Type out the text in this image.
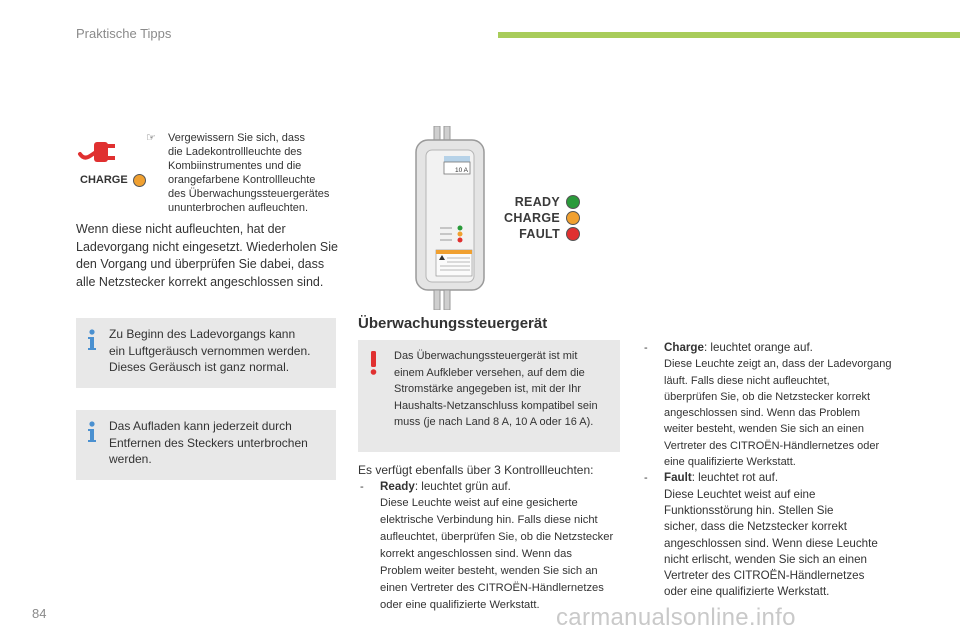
Praktische Tipps
CHARGE
☞	Vergewissern Sie sich, dass
die Ladekontrollleuchte des
Kombiinstrumentes und die
orangefarbene Kontrollleuchte
des Überwachungssteuergerätes
ununterbrochen aufleuchten.
Wenn diese nicht aufleuchten, hat der
Ladevorgang nicht eingesetzt. Wiederholen Sie
den Vorgang und überprüfen Sie dabei, dass
alle Netzstecker korrekt angeschlossen sind.
Zu Beginn des Ladevorgangs kann
ein Luftgeräusch vernommen werden.
Dieses Geräusch ist ganz normal.
Das Aufladen kann jederzeit durch
Entfernen des Steckers unterbrochen
werden.
10 A
READY
CHARGE
FAULT
Überwachungssteuergerät
Das Überwachungssteuergerät ist mit
einem Aufkleber versehen, auf dem die
Stromstärke angegeben ist, mit der Ihr
Haushalts-Netzanschluss kompatibel sein
muss (je nach Land 8 A, 10 A oder 16 A).
Es verfügt ebenfalls über 3 Kontrollleuchten:
- Ready: leuchtet grün auf.
Diese Leuchte weist auf eine gesicherte
elektrische Verbindung hin. Falls diese nicht
aufleuchtet, überprüfen Sie, ob die Netzstecker
korrekt angeschlossen sind. Wenn das
Problem weiter besteht, wenden Sie sich an
einen Vertreter des CITROËN-Händlernetzes
oder eine qualifizierte Werkstatt.
- Charge: leuchtet orange auf.
Diese Leuchte zeigt an, dass der Ladevorgang
läuft. Falls diese nicht aufleuchtet,
überprüfen Sie, ob die Netzstecker korrekt
angeschlossen sind. Wenn das Problem
weiter besteht, wenden Sie sich an einen
Vertreter des CITROËN-Händlernetzes oder
eine qualifizierte Werkstatt.
- Fault: leuchtet rot auf.
Diese Leuchtet weist auf eine
Funktionsstörung hin. Stellen Sie
sicher, dass die Netzstecker korrekt
angeschlossen sind. Wenn diese Leuchte
nicht erlischt, wenden Sie sich an einen
Vertreter des CITROËN-Händlernetzes
oder eine qualifizierte Werkstatt.
84	carmanualsonline.info
